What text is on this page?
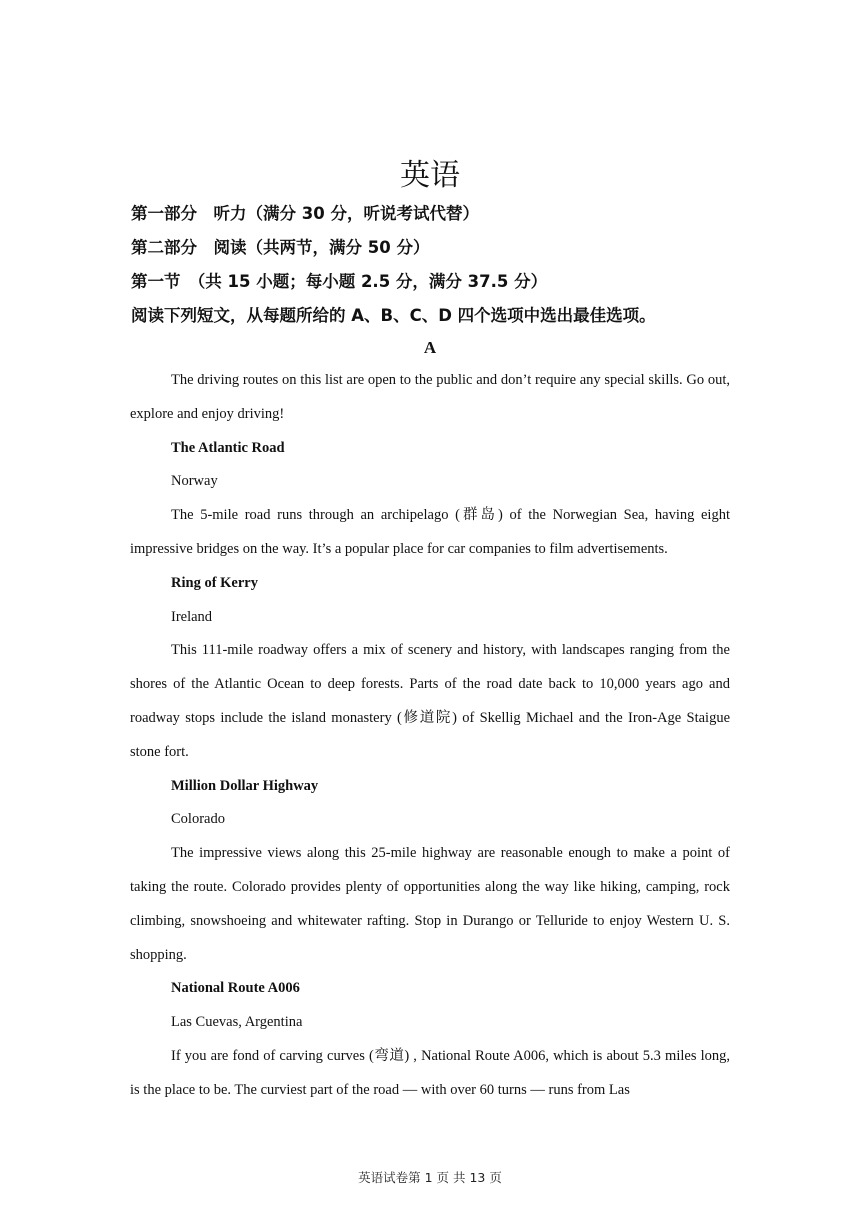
英语
第一部分　听力（满分 30 分，听说考试代替）
第二部分　阅读（共两节，满分 50 分）
第一节　（共 15 小题；每小题 2.5 分，满分 37.5 分）
阅读下列短文，从每题所给的 A、B、C、D 四个选项中选出最佳选项。
A

The driving routes on this list are open to the public and don’t require any special skills. Go out, explore and enjoy driving!

The Atlantic Road

Norway

The 5-mile road runs through an archipelago (群岛) of the Norwegian Sea, having eight impressive bridges on the way. It’s a popular place for car companies to film advertisements.

Ring of Kerry

Ireland

This 111-mile roadway offers a mix of scenery and history, with landscapes ranging from the shores of the Atlantic Ocean to deep forests. Parts of the road date back to 10,000 years ago and roadway stops include the island monastery (修道院) of Skellig Michael and the Iron-Age Staigue stone fort.

Million Dollar Highway

Colorado

The impressive views along this 25-mile highway are reasonable enough to make a point of taking the route. Colorado provides plenty of opportunities along the way like hiking, camping, rock climbing, snowshoeing and whitewater rafting. Stop in Durango or Telluride to enjoy Western U. S. shopping.

National Route A006

Las Cuevas, Argentina

If you are fond of carving curves (弯道) , National Route A006, which is about 5.3 miles long, is the place to be. The curviest part of the road — with over 60 turns — runs from Las

英语试卷第 1 页 共 13 页
